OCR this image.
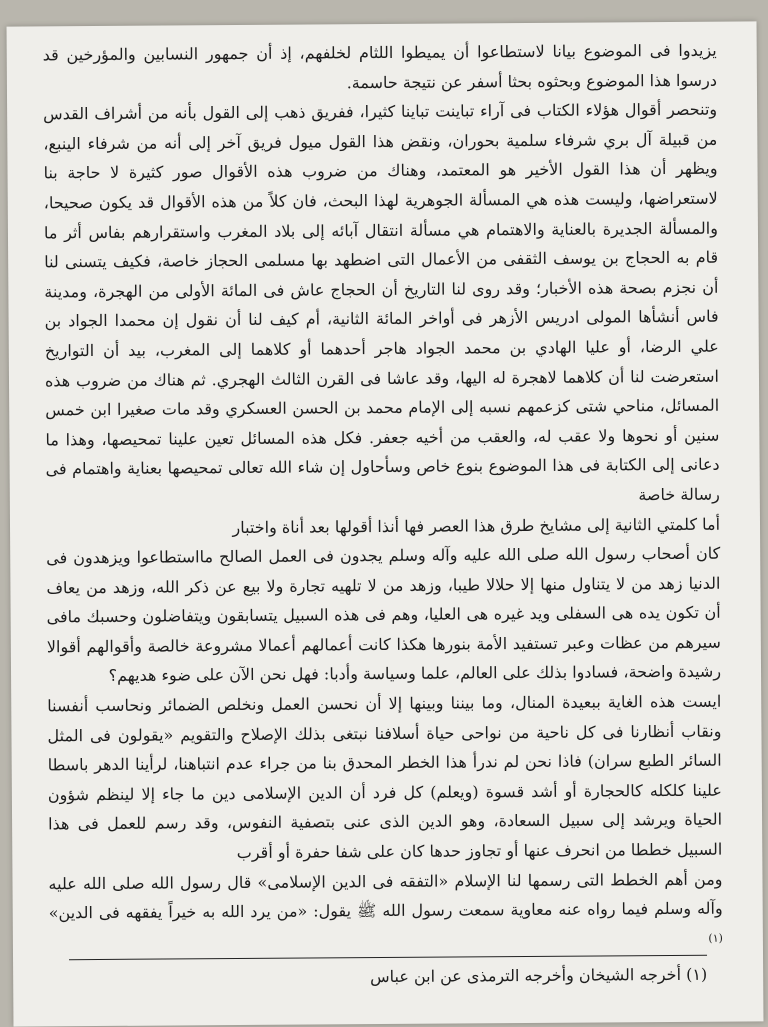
يزيدوا فى الموضوع بيانا لاستطاعوا أن يميطوا اللثام لخلفهم، إذ أن جمهور النسابين والمؤرخين قد درسوا هذا الموضوع وبحثوه بحثا أسفر عن نتيجة حاسمة.

وتنحصر أقوال هؤلاء الكتاب فى آراء تباينت تباينا كثيرا، ففريق ذهب إلى القول بأنه من أشراف القدس من قبيلة آل بري شرفاء سلمية بحوران، ونقض هذا القول ميول فريق آخر إلى أنه من شرفاء الينبع، ويظهر أن هذا القول الأخير هو المعتمد، وهناك من ضروب هذه الأقوال صور كثيرة لا حاجة بنا لاستعراضها، وليست هذه هي المسألة الجوهرية لهذا البحث، فان كلاً من هذه الأقوال قد يكون صحيحا، والمسألة الجديرة بالعناية والاهتمام هي مسألة انتقال آبائه إلى بلاد المغرب واستقرارهم بفاس أثر ما قام به الحجاج بن يوسف الثقفى من الأعمال التى اضطهد بها مسلمى الحجاز خاصة، فكيف يتسنى لنا أن نجزم بصحة هذه الأخبار؛ وقد روى لنا التاريخ أن الحجاج عاش فى المائة الأولى من الهجرة، ومدينة فاس أنشأها المولى ادريس الأزهر فى أواخر المائة الثانية، أم كيف لنا أن نقول إن محمدا الجواد بن علي الرضا، أو عليا الهادي بن محمد الجواد هاجر أحدهما أو كلاهما إلى المغرب، بيد أن التواريخ استعرضت لنا أن كلاهما لاهجرة له اليها، وقد عاشا فى القرن الثالث الهجري. ثم هناك من ضروب هذه المسائل، مناحي شتى كزعمهم نسبه إلى الإمام محمد بن الحسن العسكري وقد مات صغيرا ابن خمس سنين أو نحوها ولا عقب له، والعقب من أخيه جعفر. فكل هذه المسائل تعين علينا تمحيصها، وهذا ما دعانى إلى الكتابة فى هذا الموضوع بنوع خاص وسأحاول إن شاء الله تعالى تمحيصها بعناية واهتمام فى رسالة خاصة

أما كلمتي الثانية إلى مشايخ طرق هذا العصر فها أنذا أقولها بعد أناة واختبار

كان أصحاب رسول الله صلى الله عليه وآله وسلم يجدون فى العمل الصالح مااستطاعوا ويزهدون فى الدنيا زهد من لا يتناول منها إلا حلالا طيبا، وزهد من لا تلهيه تجارة ولا بيع عن ذكر الله، وزهد من يعاف أن تكون يده هى السفلى ويد غيره هى العليا، وهم فى هذه السبيل يتسابقون ويتفاضلون وحسبك مافى سيرهم من عظات وعبر تستفيد الأمة بنورها هكذا كانت أعمالهم أعمالا مشروعة خالصة وأقوالهم أقوالا رشيدة واضحة، فسادوا بذلك على العالم، علما وسياسة وأدبا: فهل نحن الآن على ضوء هديهم؟

ايست هذه الغاية ببعيدة المنال، وما بيننا وبينها إلا أن نحسن العمل ونخلص الضمائر ونحاسب أنفسنا ونقاب أنظارنا فى كل ناحية من نواحى حياة أسلافنا نبتغى بذلك الإصلاح والتقويم «يقولون فى المثل السائر الطبع سران) فاذا نحن لم ندرأ هذا الخطر المحدق بنا من جراء عدم انتباهنا، لرأينا الدهر باسطا علينا كلكله كالحجارة أو أشد قسوة (ويعلم) كل فرد أن الدين الإسلامى دين ما جاء إلا لينظم شؤون الحياة ويرشد إلى سبيل السعادة، وهو الدين الذى عنى بتصفية النفوس، وقد رسم للعمل فى هذا السبيل خططا من انحرف عنها أو تجاوز حدها كان على شفا حفرة أو أقرب

ومن أهم الخطط التى رسمها لنا الإسلام «التفقه فى الدين الإسلامى» قال رسول الله صلى الله عليه وآله وسلم فيما رواه عنه معاوية سمعت رسول الله ﷺ يقول: «من يرد الله به خيراً يفقهه فى الدين» $^{(١)}$

(١) أخرجه الشيخان وأخرجه الترمذى عن ابن عباس
